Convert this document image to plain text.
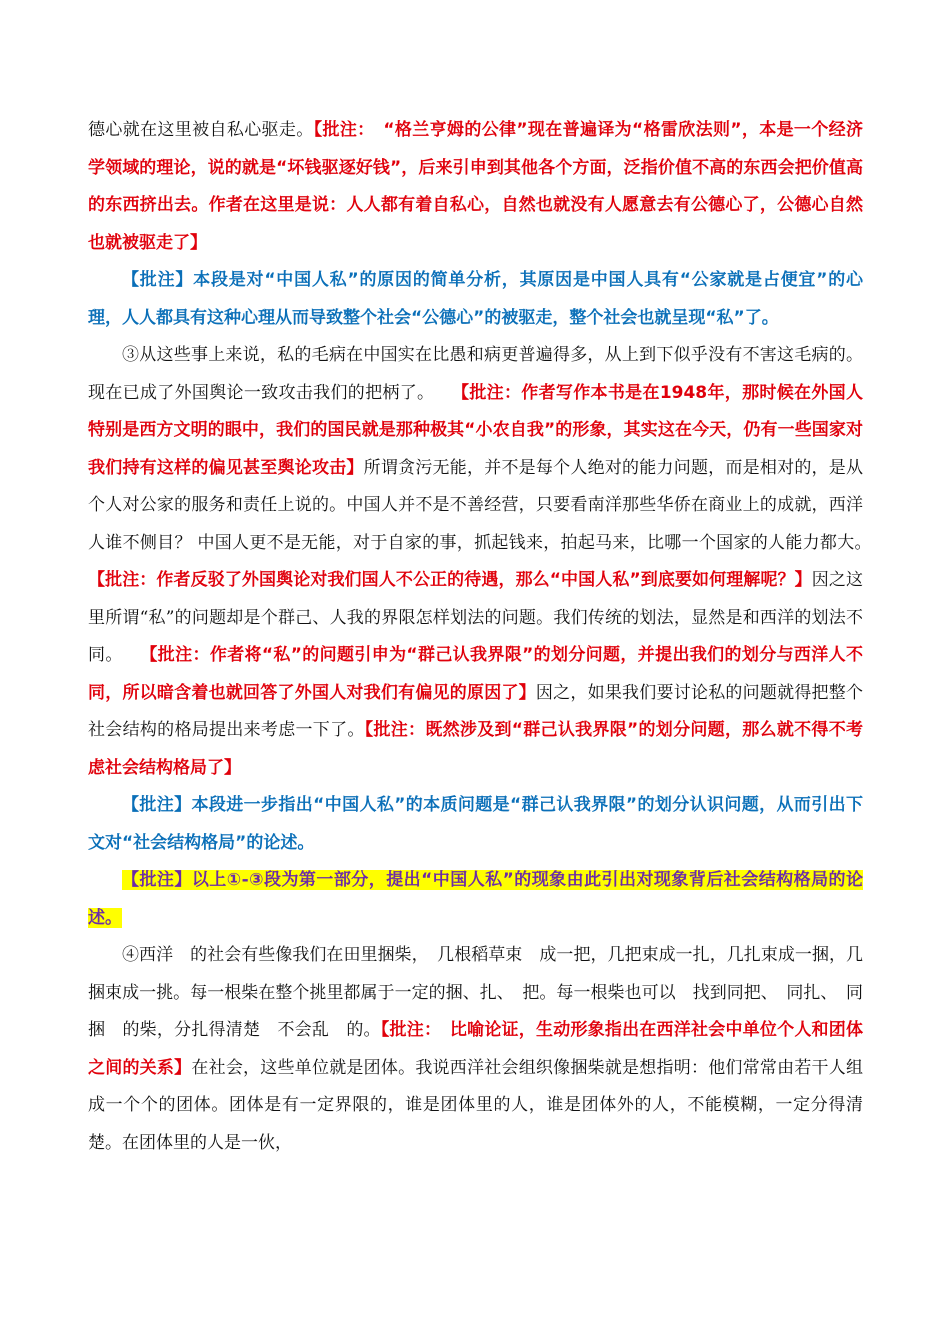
德心就在这里被自私心驱走。【批注：　“格兰亨姆的公律”现在普遍译为“格雷欣法则”，本是一个经济学领域的理论，说的就是“坏钱驱逐好钱”，后来引申到其他各个方面，泛指价值不高的东西会把价值高的东西挤出去。作者在这里是说：人人都有着自私心，自然也就没有人愿意去有公德心了，公德心自然也就被驱走了】

【批注】本段是对“中国人私”的原因的简单分析，其原因是中国人具有“公家就是占便宜”的心理，人人都具有这种心理从而导致整个社会“公德心”的被驱走，整个社会也就呈现“私”了。

③从这些事上来说，私的毛病在中国实在比愚和病更普遍得多，从上到下似乎没有不害这毛病的。现在已成了外国舆论一致攻击我们的把柄了。　　【批注：作者写作本书是在1948年，那时候在外国人特别是西方文明的眼中，我们的国民就是那种极其“小农自我”的形象，其实这在今天，仍有一些国家对我们持有这样的偏见甚至舆论攻击】所谓贪污无能，并不是每个人绝对的能力问题，而是相对的，是从个人对公家的服务和责任上说的。中国人并不是不善经营，只要看南洋那些华侨在商业上的成就，西洋人谁不侧目？ 中国人更不是无能，对于自家的事，抓起钱来，拍起马来，比哪一个国家的人能力都大。　　【批注：作者反驳了外国舆论对我们国人不公正的待遇，那么“中国人私”到底要如何理解呢？】因之这里所谓“私”的问题却是个群己、人我的界限怎样划法的问题。我们传统的划法，显然是和西洋的划法不同。　　【批注：作者将“私”的问题引申为“群己认我界限”的划分问题，并提出我们的划分与西洋人不同，所以暗含着也就回答了外国人对我们有偏见的原因了】因之，如果我们要讨论私的问题就得把整个社会结构的格局提出来考虑一下了。【批注：既然涉及到“群己认我界限”的划分问题，那么就不得不考虑社会结构格局了】

【批注】本段进一步指出“中国人私”的本质问题是“群己认我界限”的划分认识问题，从而引出下文对“社会结构格局”的论述。

【批注】以上①-③段为第一部分，提出“中国人私”的现象由此引出对现象背后社会结构格局的论述。

④西洋　的社会有些像我们在田里捆柴，　几根稻草束　成一把，几把束成一扎，几扎束成一捆，几捆束成一挑。每一根柴在整个挑里都属于一定的捆、扎、　把。每一根柴也可以　找到同把、　同扎、　同捆　的柴，分扎得清楚　不会乱　的。【批注：　比喻论证，生动形象指出在西洋社会中单位个人和团体之间的关系】在社会，这些单位就是团体。我说西洋社会组织像捆柴就是想指明：他们常常由若干人组成一个个的团体。团体是有一定界限的，谁是团体里的人，谁是团体外的人，不能模糊，一定分得清楚。在团体里的人是一伙，
